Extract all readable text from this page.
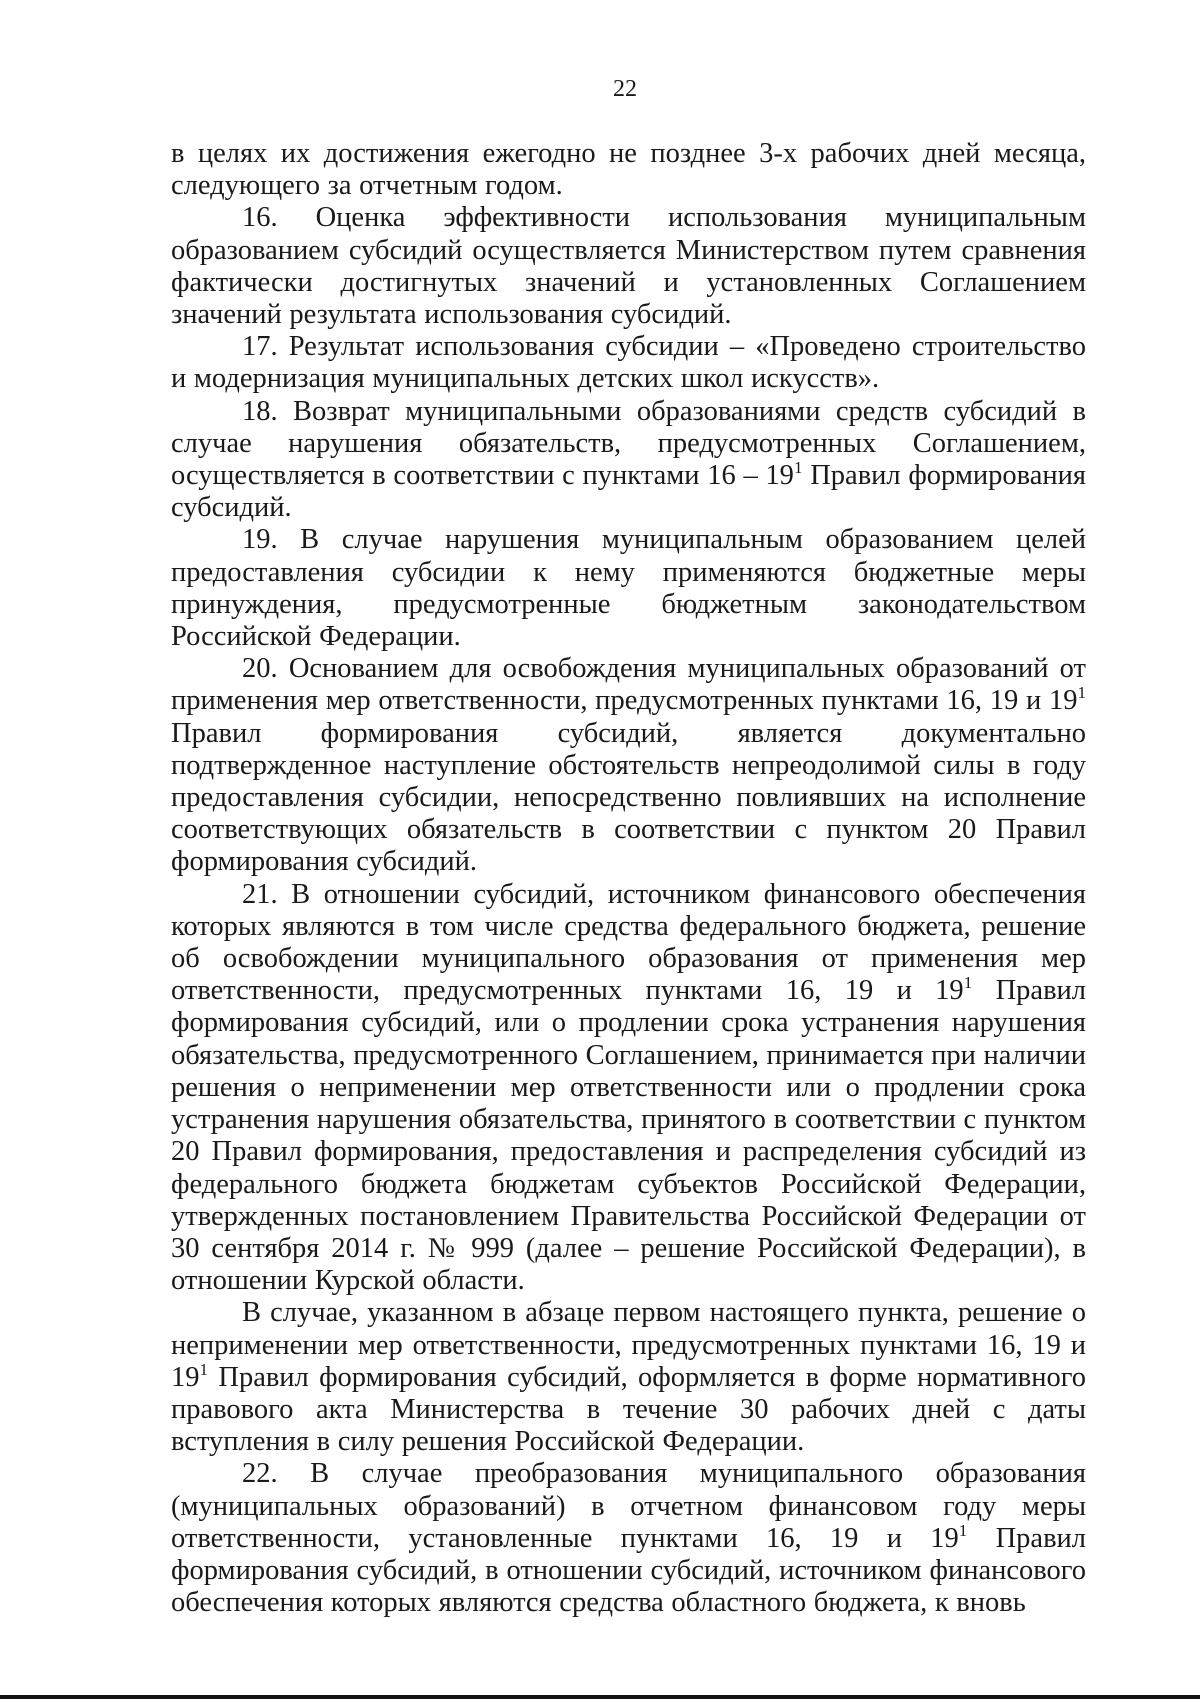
22

в целях их достижения ежегодно не позднее 3-х рабочих дней месяца, следующего за отчетным годом.

16. Оценка эффективности использования муниципальным образованием субсидий осуществляется Министерством путем сравнения фактически достигнутых значений и установленных Соглашением значений результата использования субсидий.

17. Результат использования субсидии – «Проведено строительство и модернизация муниципальных детских школ искусств».

18. Возврат муниципальными образованиями средств субсидий в случае нарушения обязательств, предусмотренных Соглашением, осуществляется в соответствии с пунктами $16 - 19^1$ Правил формирования субсидий.

19. В случае нарушения муниципальным образованием целей предоставления субсидии к нему применяются бюджетные меры принуждения, предусмотренные бюджетным законодательством Российской Федерации.

20. Основанием для освобождения муниципальных образований от применения мер ответственности, предусмотренных пунктами 16, 19 и $19^1$ Правил формирования субсидий, является документально подтвержденное наступление обстоятельств непреодолимой силы в году предоставления субсидии, непосредственно повлиявших на исполнение соответствующих обязательств в соответствии с пунктом 20 Правил формирования субсидий.

21. В отношении субсидий, источником финансового обеспечения которых являются в том числе средства федерального бюджета, решение об освобождении муниципального образования от применения мер ответственности, предусмотренных пунктами 16, 19 и $19^1$ Правил формирования субсидий, или о продлении срока устранения нарушения обязательства, предусмотренного Соглашением, принимается при наличии решения о неприменении мер ответственности или о продлении срока устранения нарушения обязательства, принятого в соответствии с пунктом 20 Правил формирования, предоставления и распределения субсидий из федерального бюджета бюджетам субъектов Российской Федерации, утвержденных постановлением Правительства Российской Федерации от 30 сентября 2014 г. № 999 (далее – решение Российской Федерации), в отношении Курской области.

В случае, указанном в абзаце первом настоящего пункта, решение о неприменении мер ответственности, предусмотренных пунктами 16, 19 и $19^1$ Правил формирования субсидий, оформляется в форме нормативного правового акта Министерства в течение 30 рабочих дней с даты вступления в силу решения Российской Федерации.

22. В случае преобразования муниципального образования (муниципальных образований) в отчетном финансовом году меры ответственности, установленные пунктами 16, 19 и $19^1$ Правил формирования субсидий, в отношении субсидий, источником финансового обеспечения которых являются средства областного бюджета, к вновь
